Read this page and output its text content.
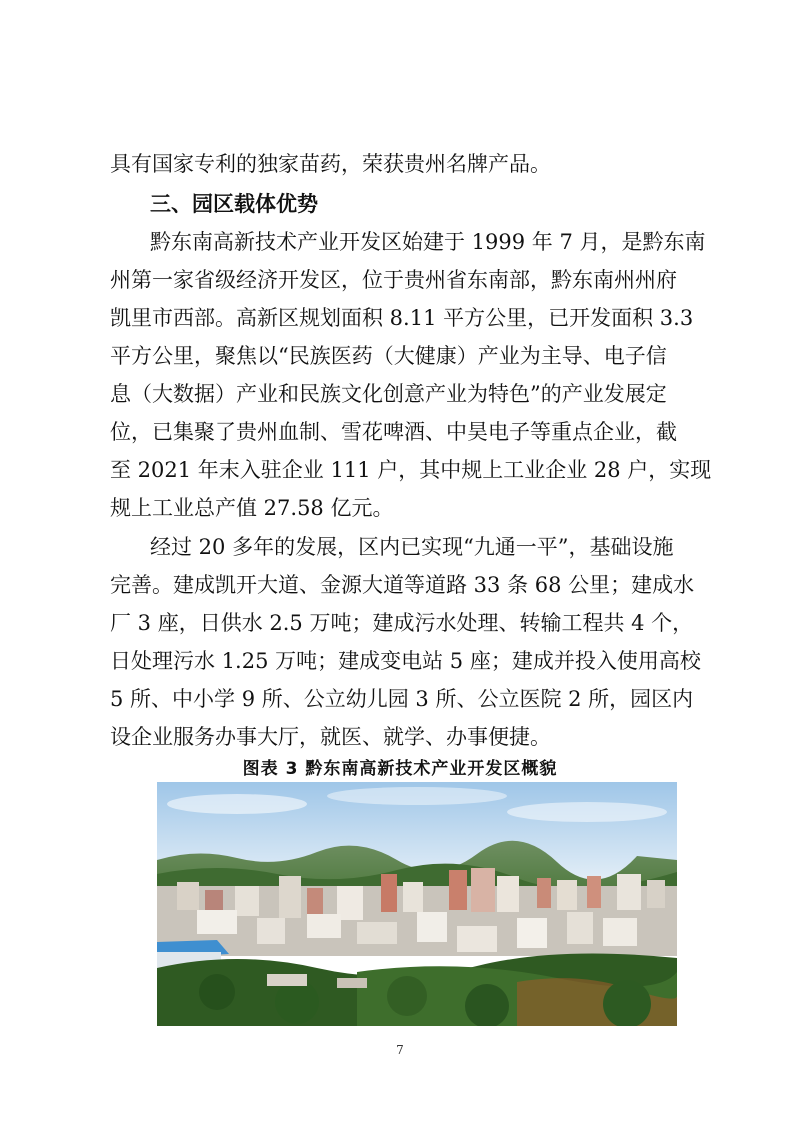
具有国家专利的独家苗药，荣获贵州名牌产品。
三、园区载体优势
黔东南高新技术产业开发区始建于 1999 年 7 月，是黔东南
州第一家省级经济开发区，位于贵州省东南部，黔东南州州府
凯里市西部。高新区规划面积 8.11 平方公里，已开发面积 3.3
平方公里，聚焦以“民族医药（大健康）产业为主导、电子信
息（大数据）产业和民族文化创意产业为特色”的产业发展定
位，已集聚了贵州血制、雪花啤酒、中昊电子等重点企业，截
至 2021 年末入驻企业 111 户，其中规上工业企业 28 户，实现
规上工业总产值 27.58 亿元。
经过 20 多年的发展，区内已实现“九通一平”，基础设施
完善。建成凯开大道、金源大道等道路 33 条 68 公里；建成水
厂 3 座，日供水 2.5 万吨；建成污水处理、转输工程共 4 个，
日处理污水 1.25 万吨；建成变电站 5 座；建成并投入使用高校
5 所、中小学 9 所、公立幼儿园 3 所、公立医院 2 所，园区内
设企业服务办事大厅，就医、就学、办事便捷。
图表 3 黔东南高新技术产业开发区概貌
7
